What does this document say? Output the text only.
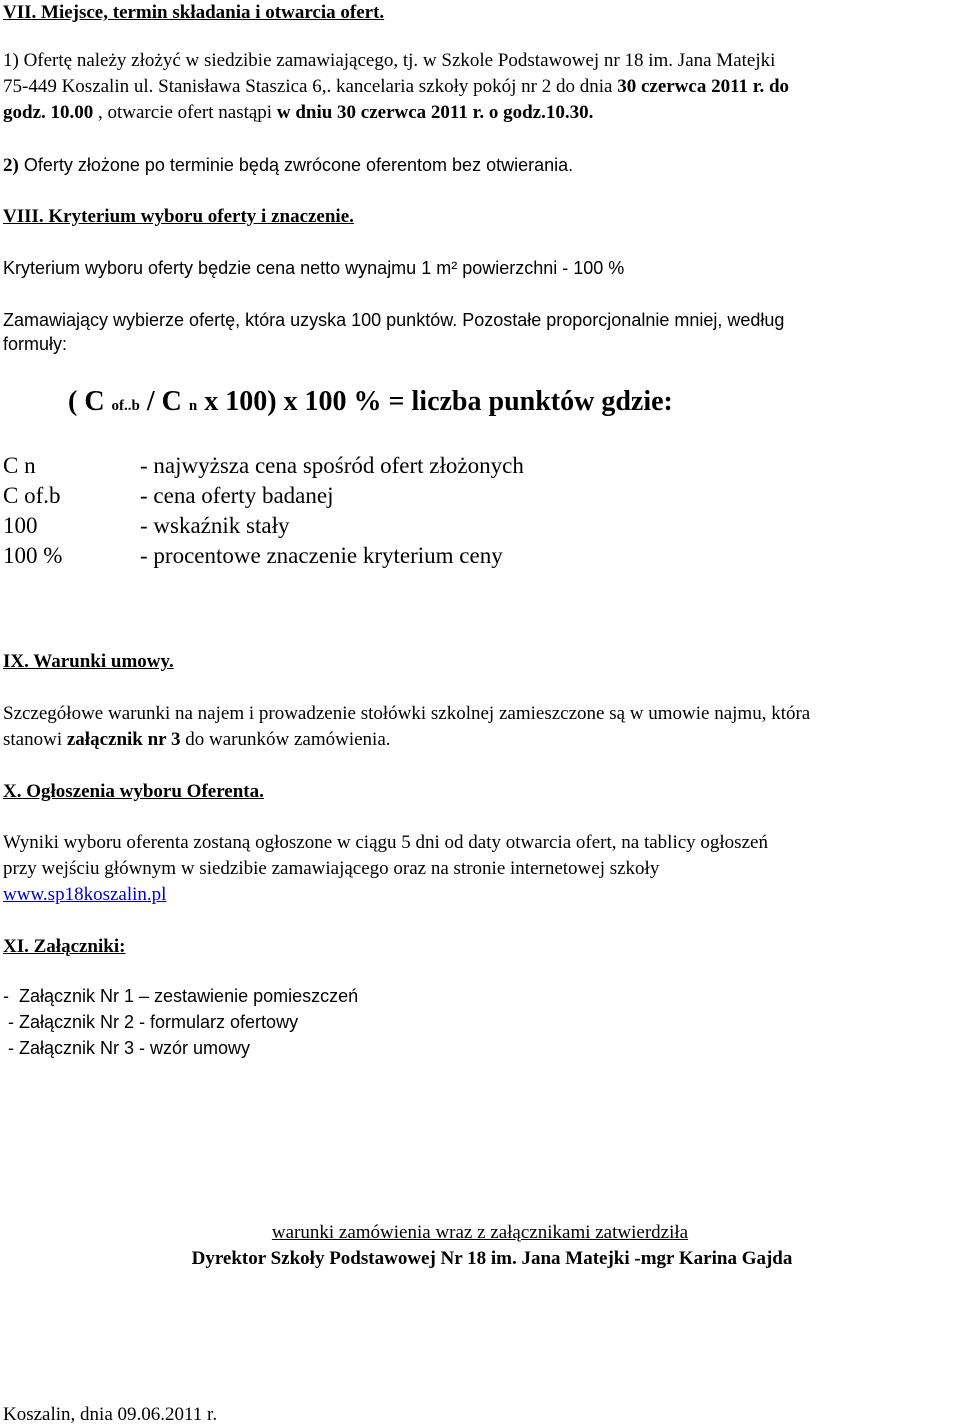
VII. Miejsce, termin składania i otwarcia ofert.
1) Ofertę należy złożyć w siedzibie zamawiającego, tj. w Szkole Podstawowej nr 18 im. Jana Matejki
75-449 Koszalin ul. Stanisława Staszica 6,. kancelaria szkoły pokój nr 2 do dnia 30 czerwca 2011 r. do
godz. 10.00 , otwarcie ofert nastąpi w dniu 30 czerwca 2011 r. o godz.10.30.
2) Oferty złożone po terminie będą zwrócone oferentom bez otwierania.
VIII. Kryterium wyboru oferty i znaczenie.
Kryterium wyboru oferty będzie cena netto wynajmu 1 m² powierzchni - 100 %
Zamawiający wybierze ofertę, która uzyska 100 punktów. Pozostałe proporcjonalnie mniej, według
formuły:
( C of..b / C n x 100) x 100 % = liczba punktów gdzie:
C n	- najwyższa cena spośród ofert złożonych
C of.b	- cena oferty badanej
100	- wskaźnik stały
100 %	- procentowe znaczenie kryterium ceny
IX. Warunki umowy.
Szczegółowe warunki na najem i prowadzenie stołówki szkolnej zamieszczone są w umowie najmu, która
stanowi załącznik nr 3 do warunków zamówienia.
X. Ogłoszenia wyboru Oferenta.
Wyniki wyboru oferenta zostaną ogłoszone w ciągu 5 dni od daty otwarcia ofert, na tablicy ogłoszeń
przy wejściu głównym w siedzibie zamawiającego oraz na stronie internetowej szkoły
www.sp18koszalin.pl
XI. Załączniki:
-  Załącznik Nr 1 – zestawienie pomieszczeń
- Załącznik Nr 2 - formularz ofertowy
- Załącznik Nr 3 - wzór umowy
warunki zamówienia wraz z załącznikami zatwierdziła
Dyrektor Szkoły Podstawowej Nr 18 im. Jana Matejki -mgr Karina Gajda
Koszalin, dnia 09.06.2011 r.
